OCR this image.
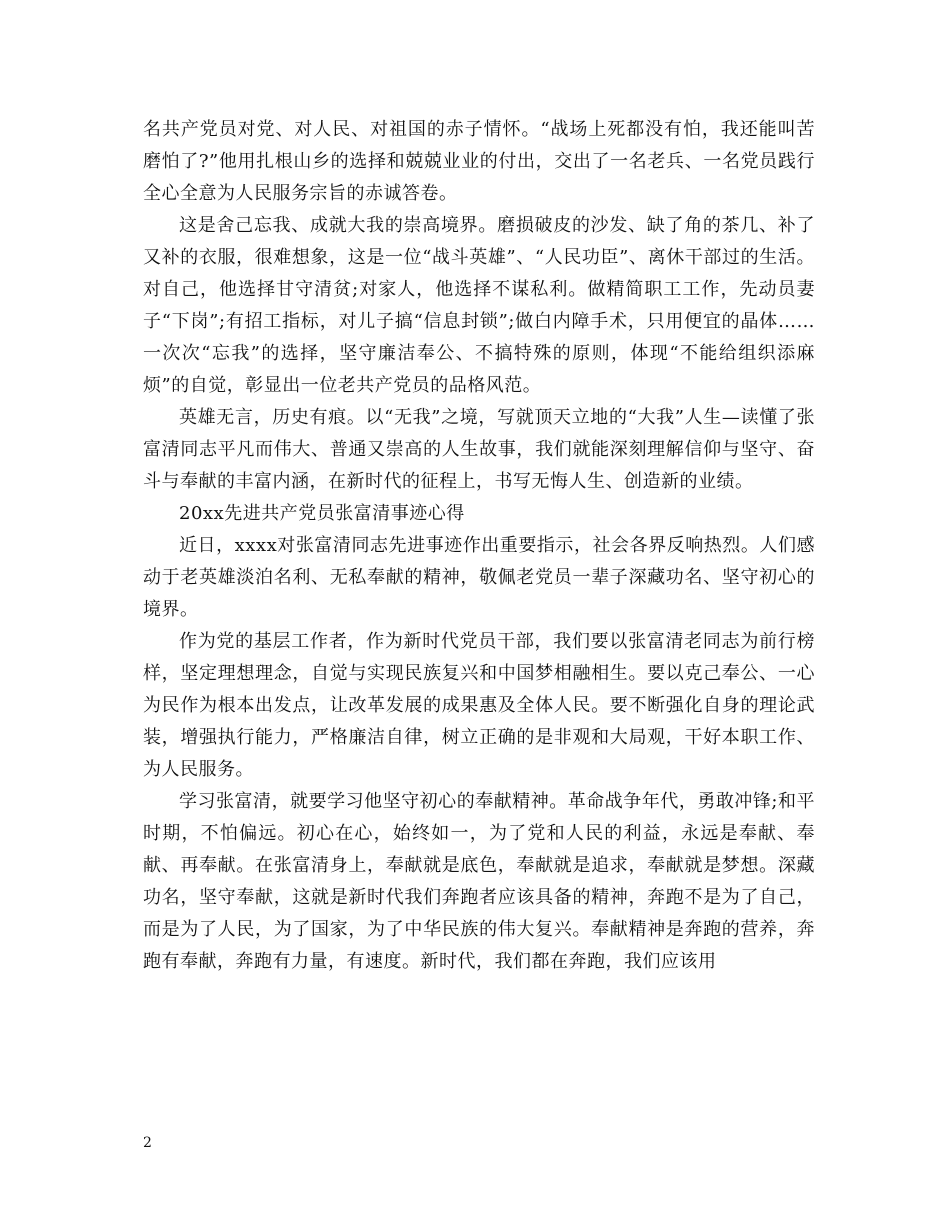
名共产党员对党、对人民、对祖国的赤子情怀。“战场上死都没有怕，我还能叫苦磨怕了?”他用扎根山乡的选择和兢兢业业的付出，交出了一名老兵、一名党员践行全心全意为人民服务宗旨的赤诚答卷。

这是舍己忘我、成就大我的崇高境界。磨损破皮的沙发、缺了角的茶几、补了又补的衣服，很难想象，这是一位“战斗英雄”、“人民功臣”、离休干部过的生活。对自己，他选择甘守清贫;对家人，他选择不谋私利。做精简职工工作，先动员妻子“下岗”;有招工指标，对儿子搞“信息封锁”;做白内障手术，只用便宜的晶体……一次次“忘我”的选择，坚守廉洁奉公、不搞特殊的原则，体现“不能给组织添麻烦”的自觉，彰显出一位老共产党员的品格风范。

英雄无言，历史有痕。以“无我”之境，写就顶天立地的“大我”人生—读懂了张富清同志平凡而伟大、普通又崇高的人生故事，我们就能深刻理解信仰与坚守、奋斗与奉献的丰富内涵，在新时代的征程上，书写无悔人生、创造新的业绩。

20xx先进共产党员张富清事迹心得

近日，xxxx对张富清同志先进事迹作出重要指示，社会各界反响热烈。人们感动于老英雄淡泊名利、无私奉献的精神，敬佩老党员一辈子深藏功名、坚守初心的境界。

作为党的基层工作者，作为新时代党员干部，我们要以张富清老同志为前行榜样，坚定理想理念，自觉与实现民族复兴和中国梦相融相生。要以克己奉公、一心为民作为根本出发点，让改革发展的成果惠及全体人民。要不断强化自身的理论武装，增强执行能力，严格廉洁自律，树立正确的是非观和大局观，干好本职工作、为人民服务。

学习张富清，就要学习他坚守初心的奉献精神。革命战争年代，勇敢冲锋;和平时期，不怕偏远。初心在心，始终如一，为了党和人民的利益，永远是奉献、奉献、再奉献。在张富清身上，奉献就是底色，奉献就是追求，奉献就是梦想。深藏功名，坚守奉献，这就是新时代我们奔跑者应该具备的精神，奔跑不是为了自己，而是为了人民，为了国家，为了中华民族的伟大复兴。奉献精神是奔跑的营养，奔跑有奉献，奔跑有力量，有速度。新时代，我们都在奔跑，我们应该用

2
